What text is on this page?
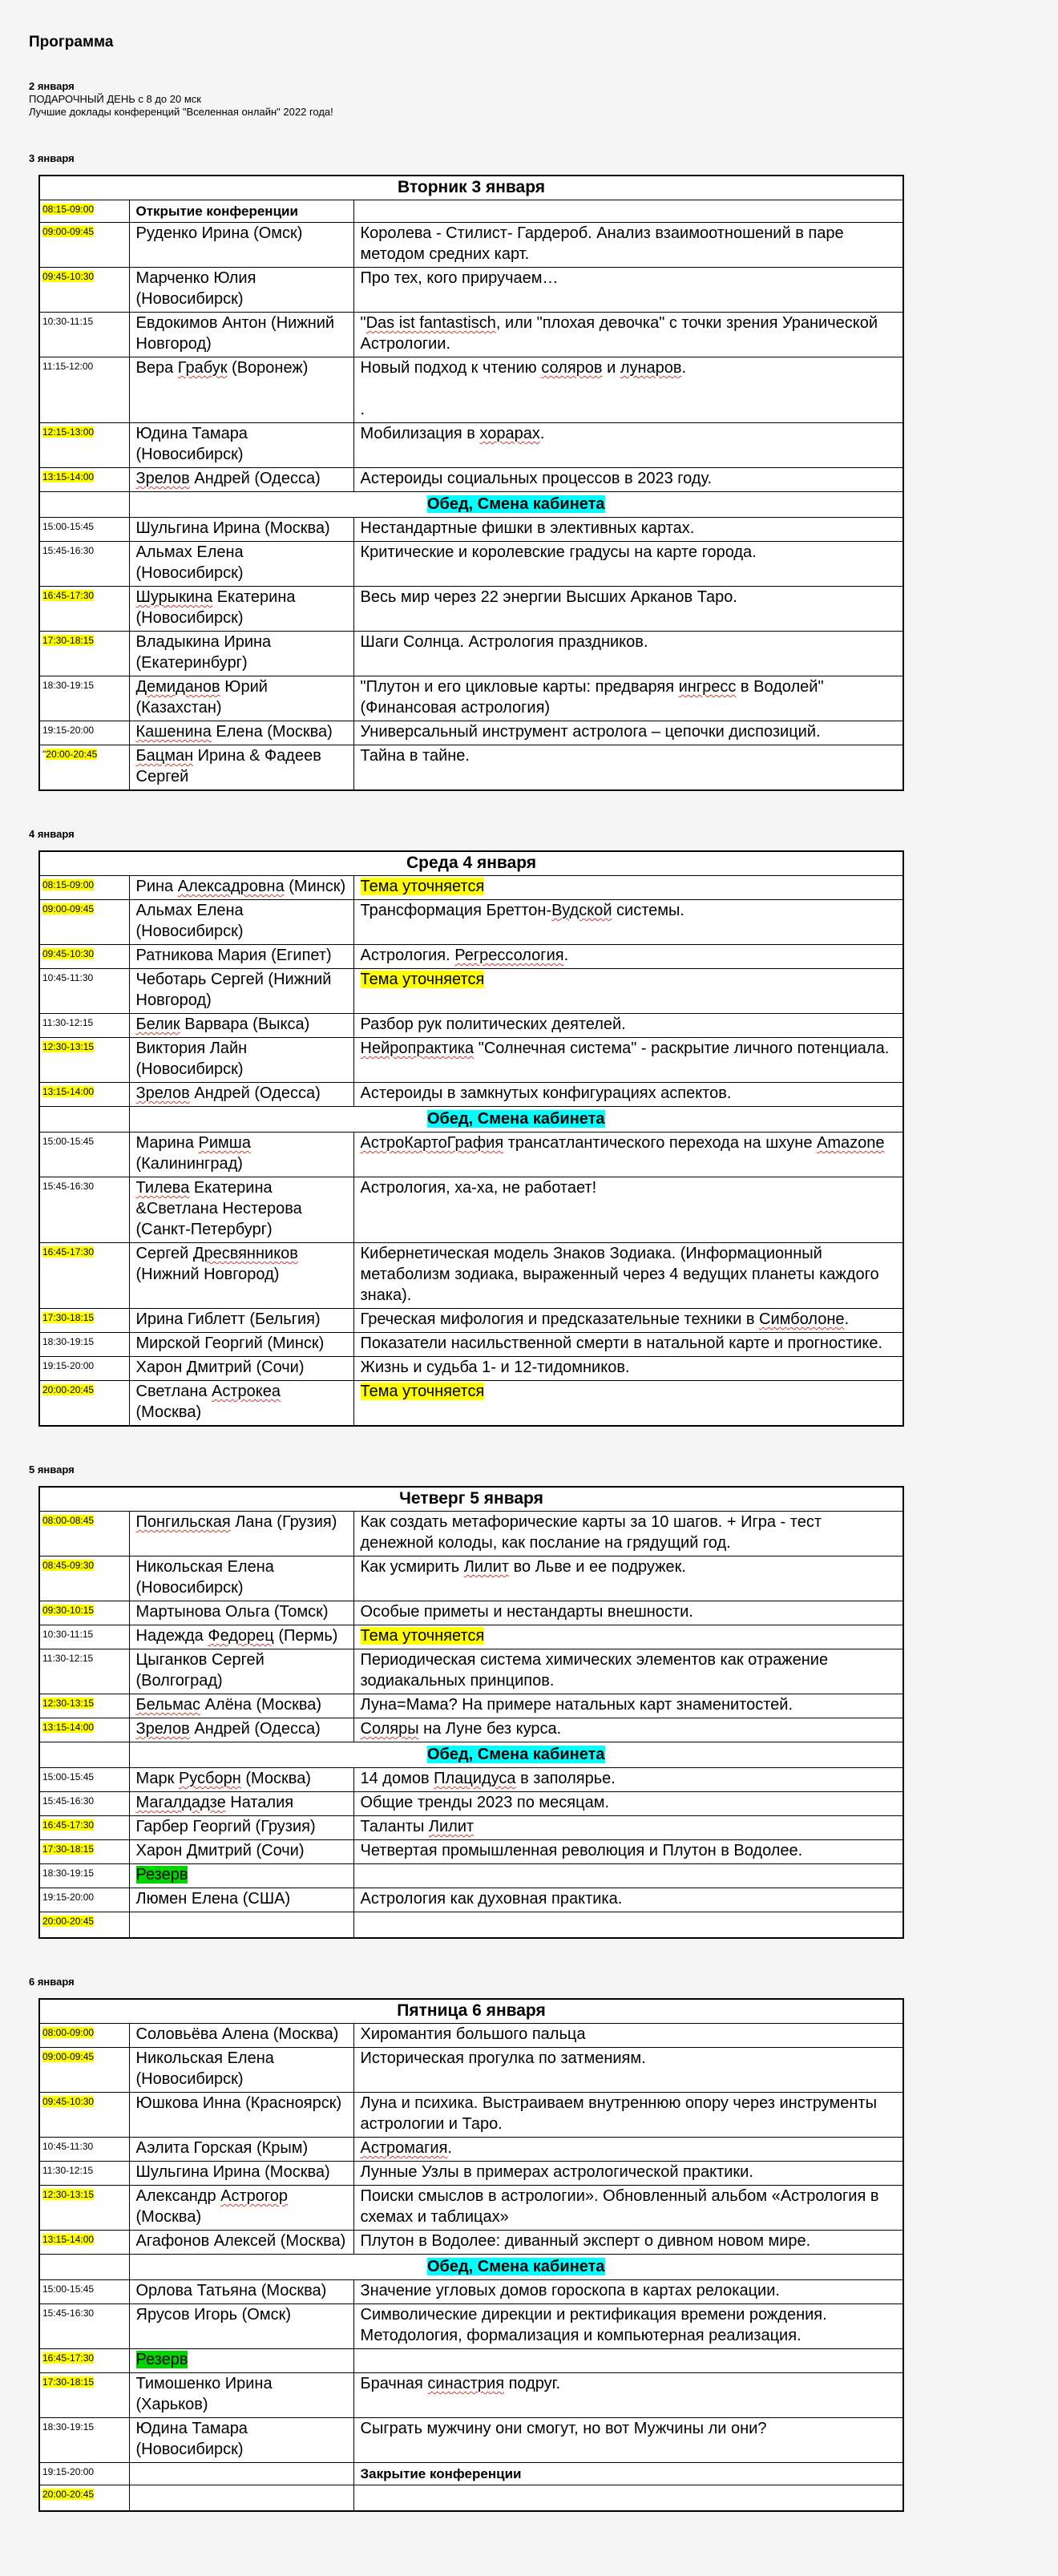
Программа

2 января

ПОДАРОЧНЫЙ ДЕНЬ с 8 до 20 мск

Лучшие доклады конференций "Вселенная онлайн" 2022 года!

3 января
Вторник 3 января		
08:15-09:00	Открытие конференции	
09:00-09:45	Руденко Ирина (Омск)	Королева - Стилист- Гардероб. Анализ взаимоотношений в паре методом средних карт.
09:45-10:30	Марченко Юлия (Новосибирск)	Про тех, кого приручаем…
10:30-11:15	Евдокимов Антон (Нижний Новгород)	"Das ist fantastisch, или "плохая девочка" с точки зрения Уранической Астрологии.
11:15-12:00	Вера Грабук (Воронеж)	Новый подход к чтению соляров и лунаров.

.
12:15-13:00	Юдина Тамара (Новосибирск)	Мобилизация в хорарах.
13:15-14:00	Зрелов Андрей (Одесса)	Астероиды социальных процессов в 2023 году.
	Обед, Смена кабинета	
15:00-15:45	Шульгина Ирина (Москва)	Нестандартные фишки в элективных картах.
15:45-16:30	Альмах Елена (Новосибирск)	Критические и королевские градусы на карте города.
16:45-17:30	Шурыкина Екатерина (Новосибирск)	Весь мир через 22 энергии Высших Арканов Таро.
17:30-18:15	Владыкина Ирина (Екатеринбург)	Шаги Солнца. Астрология праздников.
18:30-19:15	Демиданов Юрий (Казахстан)	"Плутон и его цикловые карты: предваряя ингресс в Водолей" (Финансовая астрология)
19:15-20:00	Кашенина Елена (Москва)	Универсальный инструмент астролога – цепочки диспозиций.

"20:00-20:45	Бацман Ирина & Фадеев Сергей	Тайна в тайне.
4 января
Среда 4 января		
08:15-09:00	Рина Алексадровна (Минск)	Тема уточняется
09:00-09:45	Альмах Елена (Новосибирск)	Трансформация Бреттон-Вудской системы.
09:45-10:30	Ратникова Мария (Египет)	Астрология. Регрессология.
10:45-11:30	Чеботарь Сергей (Нижний Новгород)	Тема уточняется
11:30-12:15	Белик Варвара (Выкса)	Разбор рук политических деятелей.
12:30-13:15	Виктория Лайн (Новосибирск)	Нейропрактика "Солнечная система" - раскрытие личного потенциала.
13:15-14:00	Зрелов Андрей (Одесса)	Астероиды в замкнутых конфигурациях аспектов.
	Обед, Смена кабинета	
15:00-15:45	Марина Римша (Калининград)	АстроКартоГрафия трансатлантического перехода на шхуне Amazone
15:45-16:30	Тилева Екатерина &Светлана Нестерова (Санкт-Петербург)	Астрология, ха-ха, не работает!
16:45-17:30	Сергей Дресвянников (Нижний Новгород)	Кибернетическая модель Знаков Зодиака. (Информационный метаболизм зодиака, выраженный через 4 ведущих планеты каждого знака).
17:30-18:15	Ирина Гиблетт (Бельгия)	Греческая мифология и предсказательные техники в Симболоне.
18:30-19:15	Мирской Георгий (Минск)	Показатели насильственной смерти в натальной карте и прогностике.
19:15-20:00	Харон Дмитрий (Сочи)	Жизнь и судьба 1- и 12-тидомников.
20:00-20:45	Светлана Астрокеа (Москва)	Тема уточняется
5 января
Четверг 5 января		
08:00-08:45	Понгильская Лана (Грузия)	Как создать метафорические карты за 10 шагов. + Игра - тест денежной колоды, как послание на грядущий год.
08:45-09:30	Никольская Елена (Новосибирск)	Как усмирить Лилит во Льве и ее подружек.
09:30-10:15	Мартынова Ольга (Томск)	Особые приметы и нестандарты внешности.
10:30-11:15	Надежда Федорец (Пермь)	Тема уточняется
11:30-12:15	Цыганков Сергей (Волгоград)	Периодическая система химических элементов как отражение зодиакальных принципов.
12:30-13:15	Бельмас Алёна (Москва)	Луна=Мама? На примере натальных карт знаменитостей.
13:15-14:00	Зрелов Андрей (Одесса)	Соляры на Луне без курса.
	Обед, Смена кабинета	
15:00-15:45	Марк Русборн (Москва)	14 домов Плацидуса в заполярье.
15:45-16:30	Магалдадзе Наталия	Общие тренды 2023 по месяцам.
16:45-17:30	Гарбер Георгий (Грузия)	Таланты Лилит
17:30-18:15	Харон Дмитрий (Сочи)	Четвертая промышленная революция и Плутон в Водолее.
18:30-19:15	Резерв	
19:15-20:00	Люмен Елена (США)	Астрология как духовная практика.
20:00-20:45		
6 января
Пятница 6 января		
08:00-09:00	Соловьёва Алена (Москва)	Хиромантия большого пальца
09:00-09:45	Никольская Елена (Новосибирск)	Историческая прогулка по затмениям.
09:45-10:30	Юшкова Инна (Красноярск)	Луна и психика. Выстраиваем внутреннюю опору через инструменты астрологии и Таро.
10:45-11:30	Аэлита Горская (Крым)	Астромагия.
11:30-12:15	Шульгина Ирина (Москва)	Лунные Узлы в примерах астрологической практики.
12:30-13:15	Александр Астрогор (Москва)	Поиски смыслов в астрологии». Обновленный альбом «Астрология в схемах и таблицах»
13:15-14:00	Агафонов Алексей (Москва)	Плутон в Водолее: диванный эксперт о дивном новом мире.

	Обед, Смена кабинета	
15:00-15:45	Орлова Татьяна (Москва)	Значение угловых домов гороскопа в картах релокации.

15:45-16:30	Ярусов Игорь (Омск)	Символические дирекции и ректификация времени рождения. Методология, формализация и компьютерная реализация.

16:45-17:30	Резерв	
17:30-18:15	Тимошенко Ирина (Харьков)	Брачная синастрия подруг.
18:30-19:15	Юдина Тамара (Новосибирск)	Сыграть мужчину они смогут, но вот Мужчины ли они?
19:15-20:00		Закрытие конференции
20:00-20:45		
